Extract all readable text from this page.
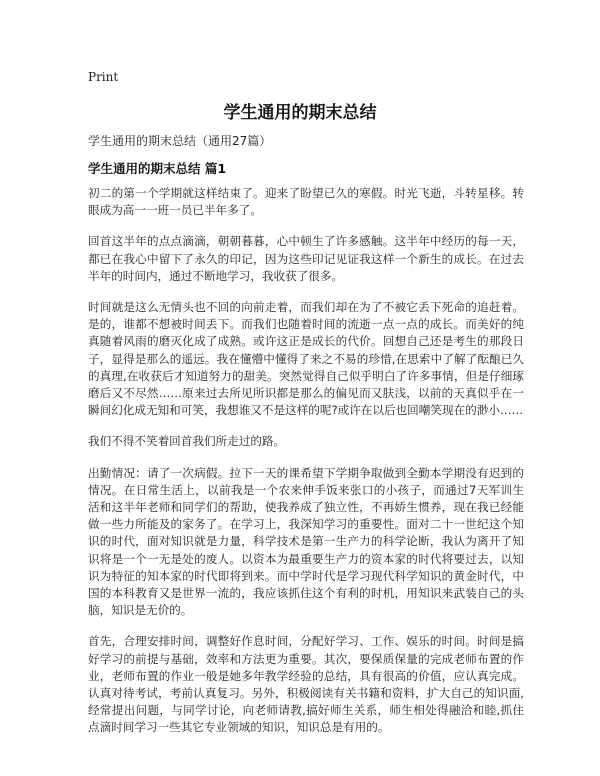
Print
学生通用的期末总结

学生通用的期末总结（通用27篇）

学生通用的期末总结 篇1

初二的第一个学期就这样结束了。迎来了盼望已久的寒假。时光飞逝，斗转星移。转眼成为高一一班一员已半年多了。

回首这半年的点点滴滴，朝朝暮暮，心中顿生了许多感触。这半年中经历的每一天，都已在我心中留下了永久的印记，因为这些印记见证我这样一个新生的成长。在过去半年的时间内，通过不断地学习，我收获了很多。

时间就是这么无情头也不回的向前走着，而我们却在为了不被它丢下死命的追赶着。是的，谁都不想被时间丢下。而我们也随着时间的流逝一点一点的成长。而美好的纯真随着风雨的磨灭化成了成熟。或许这正是成长的代价。回想自己还是考生的那段日子，显得是那么的遥远。我在懂懵中懂得了来之不易的珍惜,在思索中了解了酝酿已久的真理,在收获后才知道努力的甜美。突然觉得自己似乎明白了许多事情，但是仔细琢磨后又不尽然……原来过去所见所识都是那么的偏见而又肤浅，以前的天真似乎在一瞬间幻化成无知和可笑，我想谁又不是这样的呢?或许在以后也回嘲笑现在的渺小……

我们不得不笑着回首我们所走过的路。

出勤情况：请了一次病假。拉下一天的课希望下学期争取做到全勤本学期没有迟到的情况。在日常生活上，以前我是一个农来伸手饭来张口的小孩子，而通过7天军训生活和这半年老师和同学们的帮助，使我养成了独立性，不再娇生惯养，现在我已经能做一些力所能及的家务了。在学习上，我深知学习的重要性。面对二十一世纪这个知识的时代，面对知识就是力量，科学技术是第一生产力的科学论断，我认为离开了知识将是一个一无是处的废人。以资本为最重要生产力的资本家的时代将要过去，以知识为特征的知本家的时代即将到来。而中学时代是学习现代科学知识的黄金时代，中国的本科教育又是世界一流的，我应该抓住这个有利的时机，用知识来武装自己的头脑，知识是无价的。

首先，合理安排时间，调整好作息时间，分配好学习、工作、娱乐的时间。时间是搞好学习的前提与基础，效率和方法更为重要。其次，要保质保量的完成老师布置的作业，老师布置的作业一般是她多年教学经验的总结，具有很高的价值，应认真完成。认真对待考试，考前认真复习。另外，积极阅读有关书籍和资料，扩大自己的知识面,经常提出问题，与同学讨论，向老师请教,搞好师生关系，师生相处得融洽和睦,抓住点滴时间学习一些其它专业领域的知识，知识总是有用的。
